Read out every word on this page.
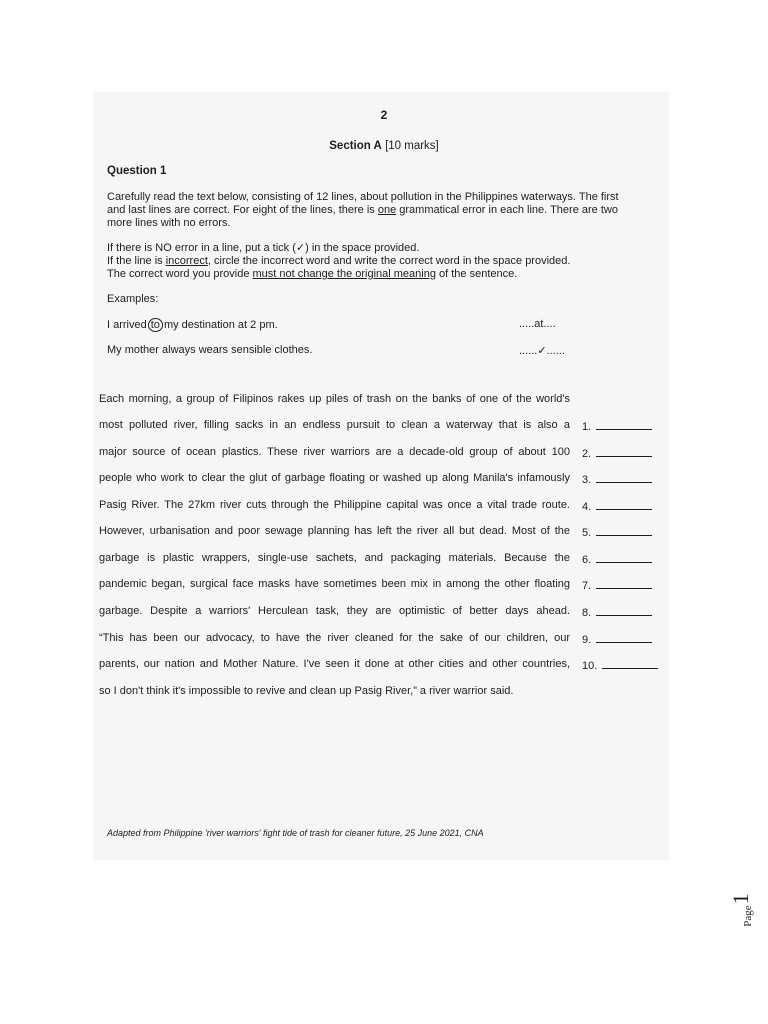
2
Section A [10 marks]
Question 1
Carefully read the text below, consisting of 12 lines, about pollution in the Philippines waterways. The first and last lines are correct. For eight of the lines, there is one grammatical error in each line. There are two more lines with no errors.
If there is NO error in a line, put a tick (✓) in the space provided.
If the line is incorrect, circle the incorrect word and write the correct word in the space provided.
The correct word you provide must not change the original meaning of the sentence.
Examples:
I arrived to my destination at 2 pm.	.....at....
My mother always wears sensible clothes.	......✓......
Each morning, a group of Filipinos rakes up piles of trash on the banks of one of the world's
most polluted river, filling sacks in an endless pursuit to clean a waterway that is also a
major source of ocean plastics. These river warriors are a decade-old group of about 100
people who work to clear the glut of garbage floating or washed up along Manila's infamously
Pasig River. The 27km river cuts through the Philippine capital was once a vital trade route.
However, urbanisation and poor sewage planning has left the river all but dead. Most of the
garbage is plastic wrappers, single-use sachets, and packaging materials. Because the
pandemic began, surgical face masks have sometimes been mix in among the other floating
garbage. Despite a warriors' Herculean task, they are optimistic of better days ahead.
“This has been our advocacy, to have the river cleaned for the sake of our children, our
parents, our nation and Mother Nature. I've seen it done at other cities and other countries,
so I don't think it's impossible to revive and clean up Pasig River,” a river warrior said.
1.
2.
3.
4.
5.
6.
7.
8.
9.
10.
Adapted from Philippine 'river warriors' fight tide of trash for cleaner future, 25 June 2021, CNA
Page
1
